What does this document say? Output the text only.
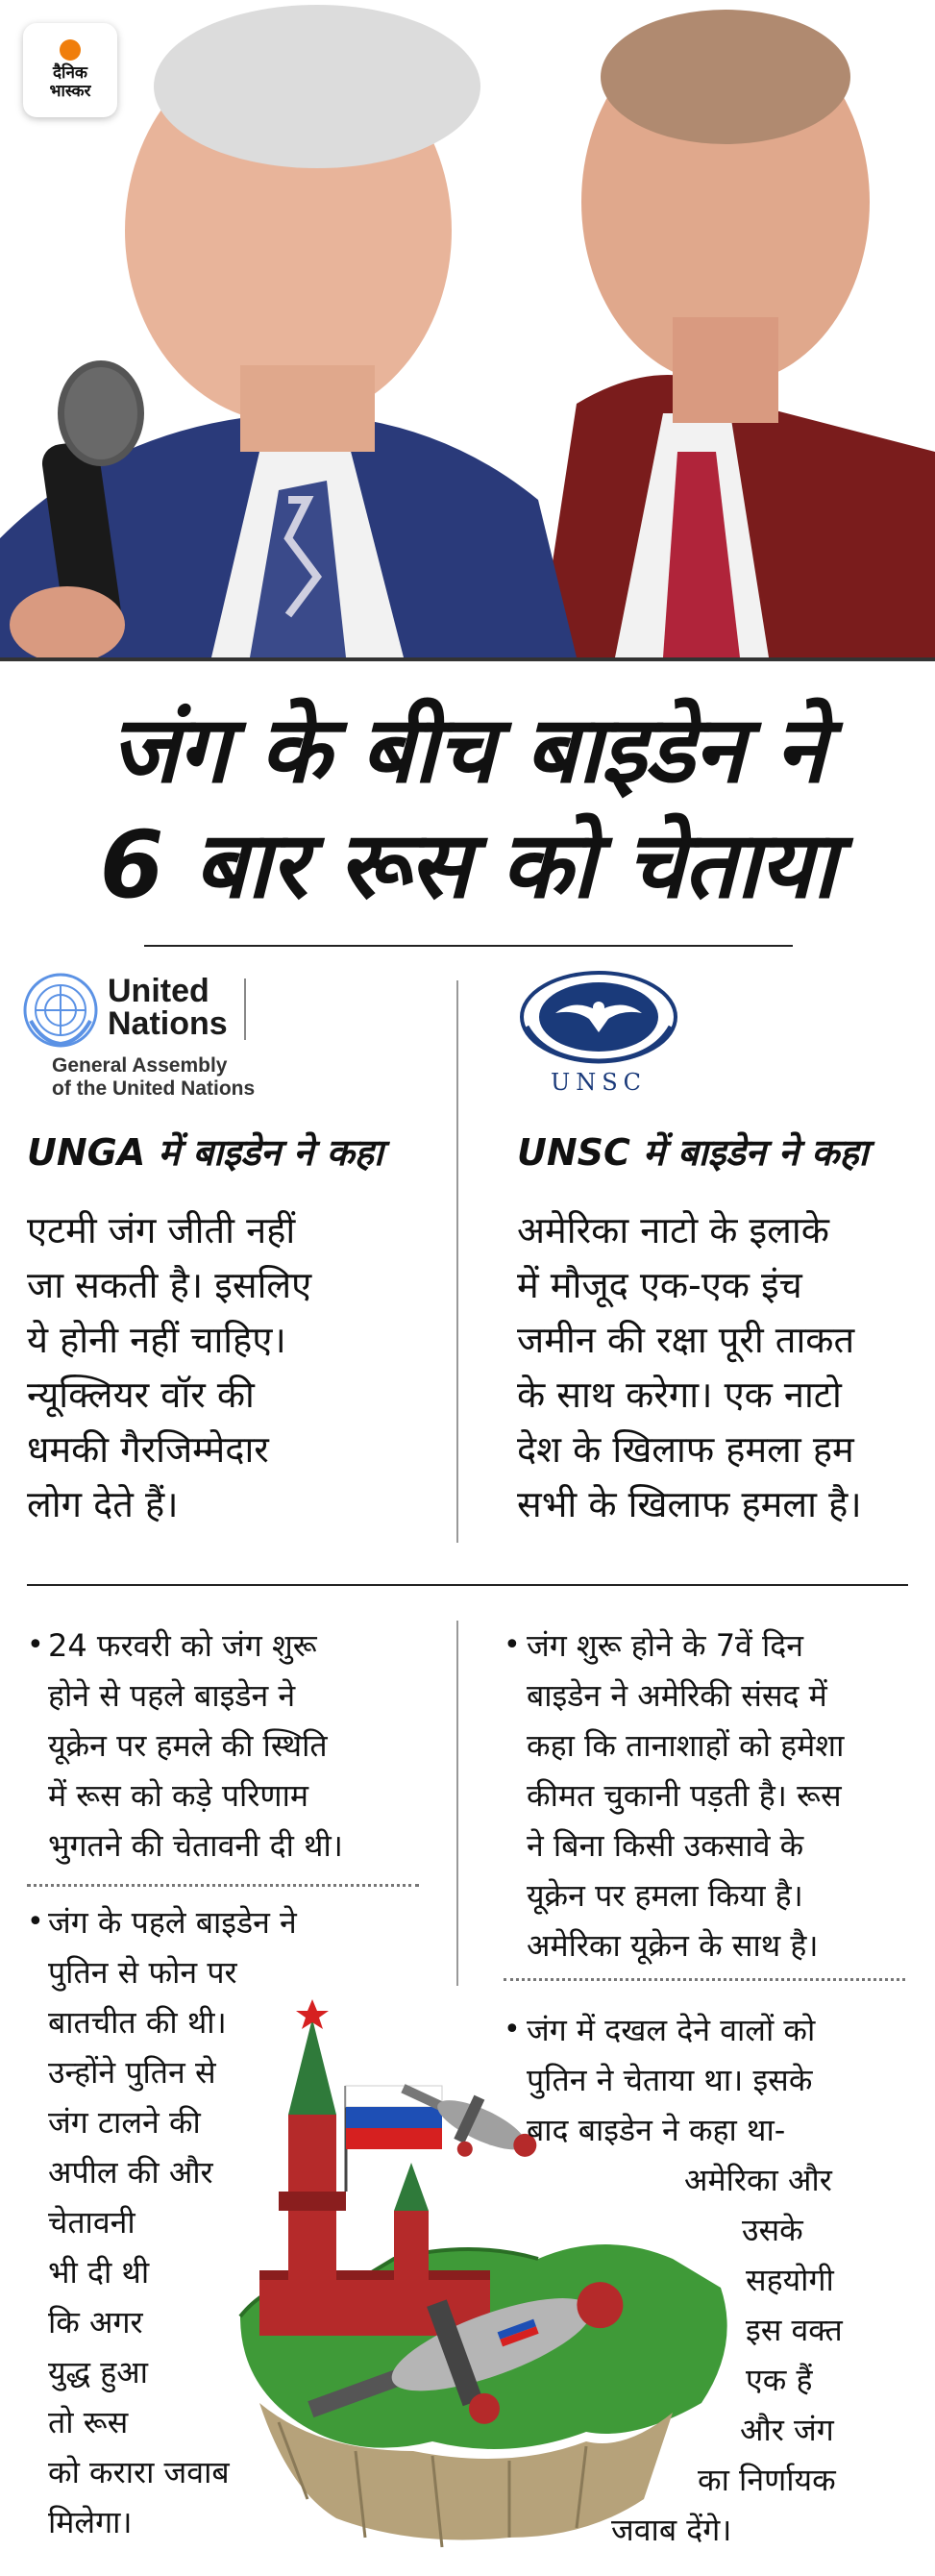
दैनिक
भास्कर
जंग के बीच बाइडेन ने
6 बार रूस को चेताया
United
Nations
General Assembly
of the United Nations	UNSC
UNGA में बाइडेन ने कहा	UNSC में बाइडेन ने कहा
एटमी जंग जीती नहीं
जा सकती है। इसलिए
ये होनी नहीं चाहिए।
न्यूक्लियर वॉर की
धमकी गैरजिम्मेदार
लोग देते हैं।
अमेरिका नाटो के इलाके
में मौजूद एक-एक इंच
जमीन की रक्षा पूरी ताकत
के साथ करेगा। एक नाटो
देश के खिलाफ हमला हम
सभी के खिलाफ हमला है।
• 24 फरवरी को जंग शुरू
होने से पहले बाइडेन ने
यूक्रेन पर हमले की स्थिति
में रूस को कड़े परिणाम
भुगतने की चेतावनी दी थी।
• जंग शुरू होने के 7वें दिन
बाइडेन ने अमेरिकी संसद में
कहा कि तानाशाहों को हमेशा
कीमत चुकानी पड़ती है। रूस
ने बिना किसी उकसावे के
यूक्रेन पर हमला किया है।
अमेरिका यूक्रेन के साथ है।
• जंग के पहले बाइडेन ने
पुतिन से फोन पर
बातचीत की थी।
उन्होंने पुतिन से
जंग टालने की
अपील की और
चेतावनी
भी दी थी
कि अगर
युद्ध हुआ
तो रूस
को करारा जवाब
मिलेगा।
• जंग में दखल देने वालों को
पुतिन ने चेताया था। इसके
बाद बाइडेन ने कहा था-
अमेरिका और
उसके
सहयोगी
इस वक्त
एक हैं
और जंग
का निर्णायक
जवाब देंगे।
